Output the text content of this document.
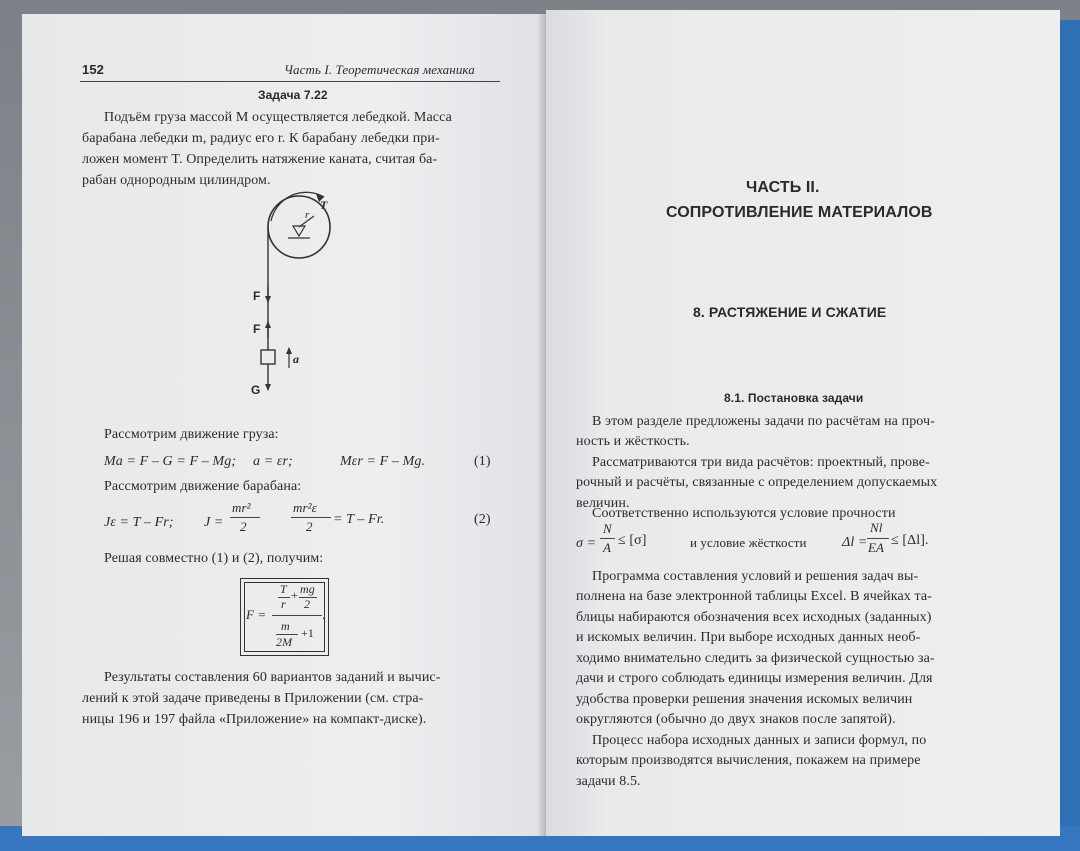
152	Часть I. Теоретическая механика
Задача 7.22
Подъём груза массой M осуществляется лебедкой. Масса
барабана лебедки m, радиус его r. К барабану лебедки при-
ложен момент T. Определить натяжение каната, считая ба-
рабан однородным цилиндром.
T
r
F
F
a
G
Рассмотрим движение груза:
Ma = F – G = F – Mg; a = εr;	Mεr = F – Mg.	(1)
Рассмотрим движение барабана:
Jε = T – Fr; J =
mr²
2
mr²ε
2 = T – Fr.	(2)
Решая совместно (1) и (2), получим:
F =
T
r
+ mg
2
.
m
2M
+1
Результаты составления 60 вариантов заданий и вычис-
лений к этой задаче приведены в Приложении (см. стра-
ницы 196 и 197 файла «Приложение» на компакт-диске).
ЧАСТЬ II.
СОПРОТИВЛЕНИЕ МАТЕРИАЛОВ
8. РАСТЯЖЕНИЕ И СЖАТИЕ
8.1. Постановка задачи
В этом разделе предложены задачи по расчётам на проч-
ность и жёсткость.
Рассматриваются три вида расчётов: проектный, прове-
рочный и расчёты, связанные с определением допускаемых
величин.
Соответственно используются условие прочности
σ =
N
A ≤ [σ]	и условие жёсткости	Δl =
Nl
EA ≤ [Δl].
Программа составления условий и решения задач вы-
полнена на базе электронной таблицы Excel. В ячейках та-
блицы набираются обозначения всех исходных (заданных)
и искомых величин. При выборе исходных данных необ-
ходимо внимательно следить за физической сущностью за-
дачи и строго соблюдать единицы измерения величин. Для
удобства проверки решения значения искомых величин
округляются (обычно до двух знаков после запятой).
Процесс набора исходных данных и записи формул, по
которым производятся вычисления, покажем на примере
задачи 8.5.
